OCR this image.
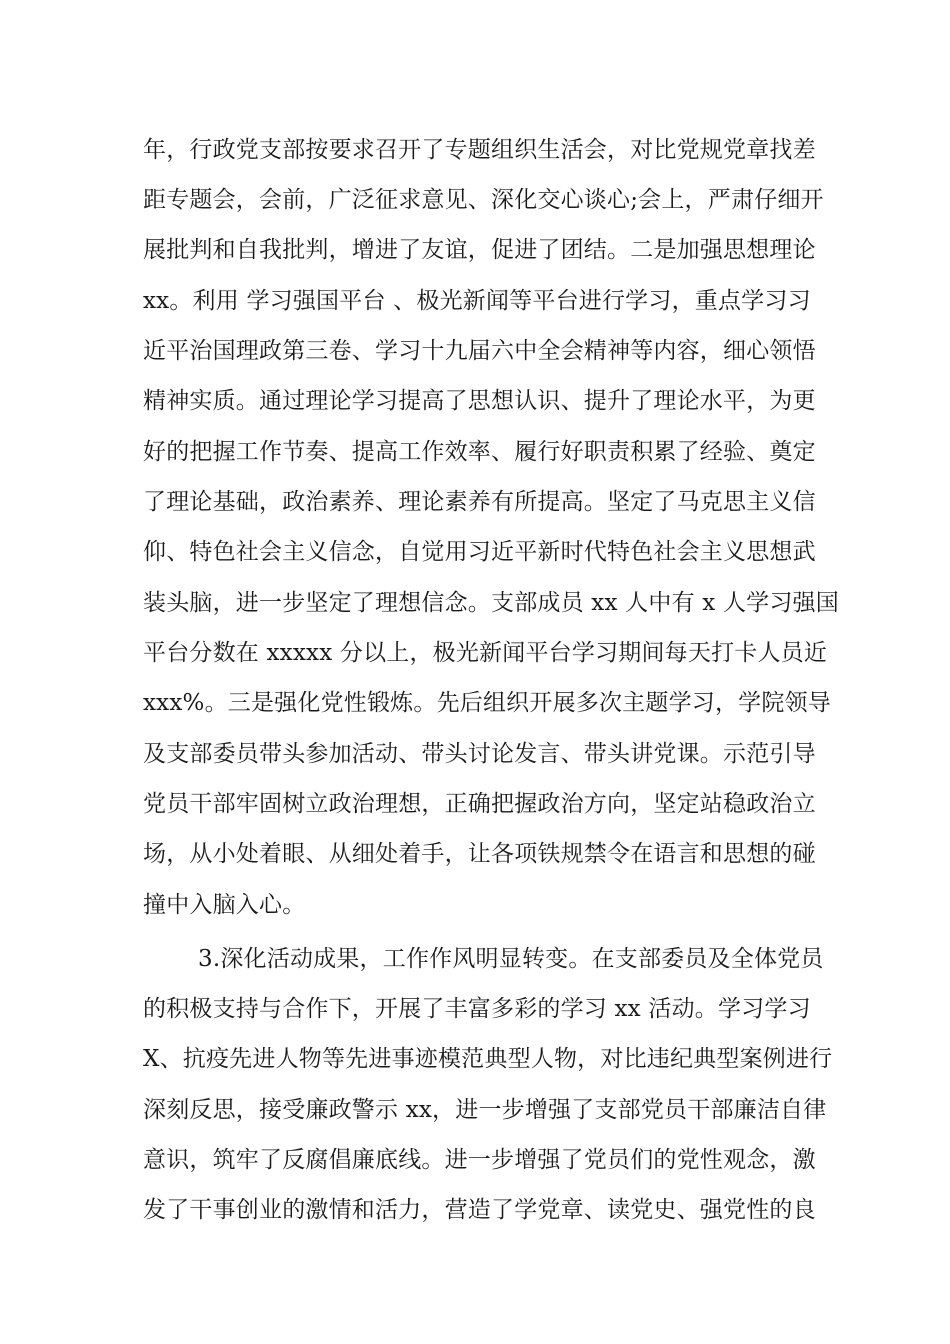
年，行政党支部按要求召开了专题组织生活会，对比党规党章找差
距专题会，会前，广泛征求意见、深化交心谈心;会上，严肃仔细开
展批判和自我批判，增进了友谊，促进了团结。二是加强思想理论
xx。利用 学习强国平台 、极光新闻等平台进行学习，重点学习习
近平治国理政第三卷、学习十九届六中全会精神等内容，细心领悟
精神实质。通过理论学习提高了思想认识、提升了理论水平，为更
好的把握工作节奏、提高工作效率、履行好职责积累了经验、奠定
了理论基础，政治素养、理论素养有所提高。坚定了马克思主义信
仰、特色社会主义信念，自觉用习近平新时代特色社会主义思想武
装头脑，进一步坚定了理想信念。支部成员 xx 人中有 x 人学习强国
平台分数在 xxxxx 分以上，极光新闻平台学习期间每天打卡人员近
xxx%。三是强化党性锻炼。先后组织开展多次主题学习，学院领导
及支部委员带头参加活动、带头讨论发言、带头讲党课。示范引导
党员干部牢固树立政治理想，正确把握政治方向，坚定站稳政治立
场，从小处着眼、从细处着手，让各项铁规禁令在语言和思想的碰
撞中入脑入心。
3.深化活动成果，工作作风明显转变。在支部委员及全体党员
的积极支持与合作下，开展了丰富多彩的学习 xx 活动。学习学习
X、抗疫先进人物等先进事迹模范典型人物，对比违纪典型案例进行
深刻反思，接受廉政警示 xx，进一步增强了支部党员干部廉洁自律
意识，筑牢了反腐倡廉底线。进一步增强了党员们的党性观念，激
发了干事创业的激情和活力，营造了学党章、读党史、强党性的良
